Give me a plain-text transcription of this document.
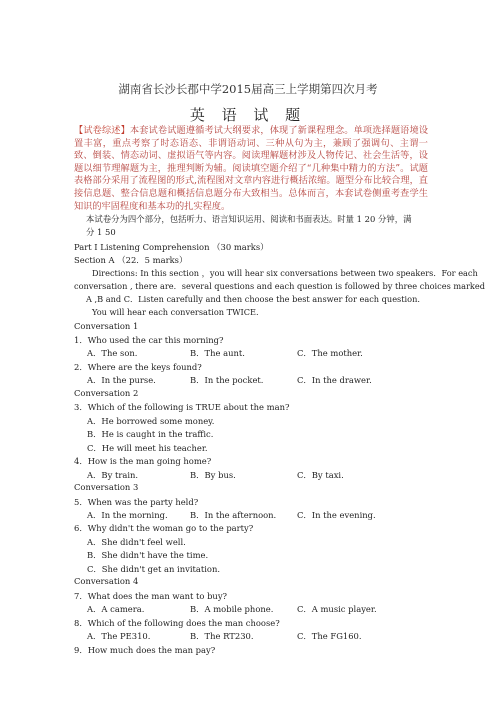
湖南省长沙长郡中学2015届高三上学期第四次月考
英 语 试 题
【试卷综述】本套试卷试题遵循考试大纲要求，体现了新课程理念。单项选择题语境设置丰富，重点考察了时态语态、非谓语动词、三种从句为主，兼顾了强调句、主谓一致、倒装、情态动词、虚拟语气等内容。阅读理解题材涉及人物传记、社会生活等，设题以细节理解题为主，推理判断为辅。阅读填空题介绍了“几种集中精力的方法”。试题表格部分采用了流程图的形式,流程图对文章内容进行概括浓缩。题型分布比较合理，直接信息题、整合信息题和概括信息题分布大致相当。总体而言，本套试卷侧重考查学生知识的牢固程度和基本功的扎实程度。
本试卷分为四个部分，包括听力、语言知识运用、阅读和书面表达。时量 1 20 分钟，满
分 1 50
Part I Listening Comprehension （30 marks）
Section A （22．5 marks）
Directions: In this section ，you will hear six conversations between two speakers．For each
conversation , there are．several questions and each question is followed by three choices marked
A ,B and C．Listen carefully and then choose the best answer for each question.
You will hear each conversation TWICE.
Conversation 1
1．Who used the car this morning?
A．The son.	B．The aunt.	C．The mother.
2．Where are the keys found?
A．In the purse.	B．In the pocket.	C．In the drawer.
Conversation 2
3．Which of the following is TRUE about the man?
A．He borrowed some money.
B．He is caught in the traffic.
C．He will meet his teacher.
4．How is the man going home?
A．By train.	B．By bus.	C．By taxi.
Conversation 3
5．When was the party held?
A．In the morning.	B．In the afternoon. C．In the evening.
6．Why didn't the woman go to the party?
A．She didn't feel well.
B．She didn't have the time.
C．She didn't get an invitation.
Conversation 4
7．What does the man want to buy?
A．A camera.	B．A mobile phone.	C．A music player.
8．Which of the following does the man choose?
A．The PE310.	B．The RT230.	C．The FG160.
9．How much does the man pay?
